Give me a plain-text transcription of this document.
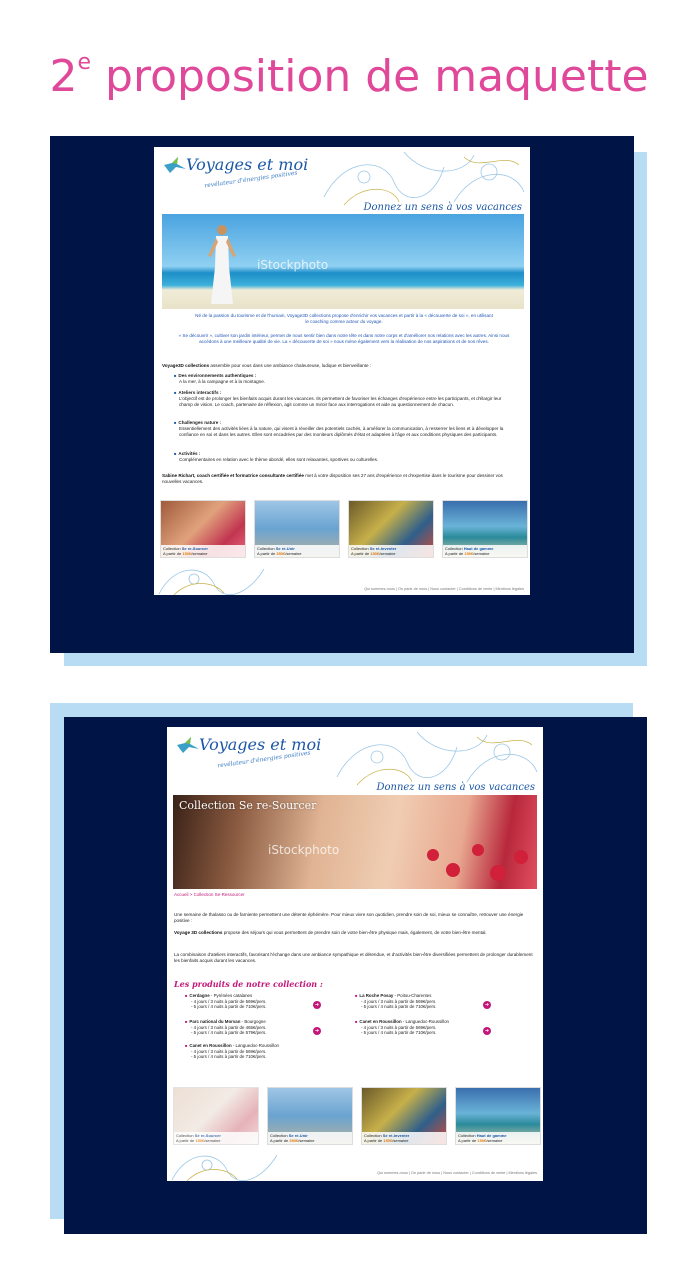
2e proposition de maquette
Voyages et moi
revélateur d'énergies positives
Donnez un sens à vos vacances
iStockphoto
Né de la passion du tourisme et de l'humain, Voyage3D collections propose d'enrichir vos vacances et partir à la « découverte de soi », en utilisant le coaching comme acteur du voyage.
« Se découvrir », cultiver son jardin intérieur, permet de nous sentir bien dans notre tête et dans notre corps et d'améliorer nos relations avec les autres. Ainsi nous accédons à une meilleure qualité de vie. La « découverte de soi » nous mène également vers la réalisation de nos aspirations et de nos rêves.
Voyage3D collections assemble pour vous dans une ambiance chaleureuse, ludique et bienveillante :
■ Des environnements authentiques :
A la mer, à la campagne et à la montagne.
■ Ateliers interactifs :
L'objectif est de prolonger les bienfaits acquis durant les vacances. Ils permettent de favoriser les échanges d'expérience entre les participants, et d'élargir leur champ de vision. Le coach, partenaire de réflexion, agit comme un miroir face aux interrogations et aide au questionnement de chacun.
■ Challenges nature :
Essentiellement des activités liées à la nature, qui visent à réveiller des potentiels cachés, à améliorer la communication, à resserrer les liens et à développer la confiance en soi et dans les autres. Elles sont encadrées par des moniteurs diplômés d'état et adaptées à l'âge et aux conditions physiques des participants.
■ Activités :
Complémentaires en relation avec le thème abordé, elles sont relaxantes, sportives ou culturelles.
Sabine Richart, coach certifiée et formatrice consultante certifiée met à votre disposition ses 27 ans d'expérience et d'expertise dans le tourisme pour dessiner vos nouvelles vacances.
Collection Se re-Sourcer
A partir de 150€/semaine
Collection Se ré-Unir
A partir de 350€/semaine
Collection Se ré-Inventer
A partir de 150€/semaine
Collection Haut de gamme
A partir de 150€/semaine
Qui sommes-nous | On parle de nous | Nous contacter | Conditions de vente | Mentions légales
Voyages et moi
revélateur d'énergies positives
Donnez un sens à vos vacances
Collection Se re-Sourcer
iStockphoto
Accueil > Collection Se-Ressourcer
Une semaine de thalasso ou de farniente permettent une détente éphémère. Pour mieux vivre son quotidien, prendre soin de soi, mieux se connaître, retrouver une énergie positive :
Voyage 3D collections propose des séjours qui vous permettent de prendre soin de votre bien-être physique mais, également, de votre bien-être mental.
La combinaison d'ateliers interactifs, favorisant l'échange dans une ambiance sympathique et détendue, et d'activités bien-être diversifiées permettent de prolonger durablement les bienfaits acquis durant les vacances.
Les produits de notre collection :
■ Cerdagne - Pyrénées catalanes
- 4 jours / 3 nuits à partir de 569€/pers.
- 5 jours / 4 nuits à partir de 710€/pers.	➜
■ La Roche Posay - Poitou-Charentes
- 4 jours / 3 nuits à partir de 569€/pers.
- 5 jours / 4 nuits à partir de 710€/pers.	➜
■ Parc national du Morvan - Bourgogne
- 4 jours / 3 nuits à partir de 465€/pers.
- 5 jours / 4 nuits à partir de 579€/pers.	➜
■ Canet en Roussillon - Languedoc-Roussillon
- 4 jours / 3 nuits à partir de 569€/pers.
- 5 jours / 4 nuits à partir de 710€/pers.	➜
■ Canet en Roussillon - Languedoc-Roussillon
- 4 jours / 3 nuits à partir de 569€/pers.
- 5 jours / 4 nuits à partir de 710€/pers.
Collection Se re-Sourcer
A partir de 150€/semaine
Collection Se ré-Unir
A partir de 350€/semaine
Collection Se ré-Inventer
A partir de 150€/semaine
Collection Haut de gamme
A partir de 150€/semaine
Qui sommes-nous | On parle de nous | Nous contacter | Conditions de vente | Mentions légales
